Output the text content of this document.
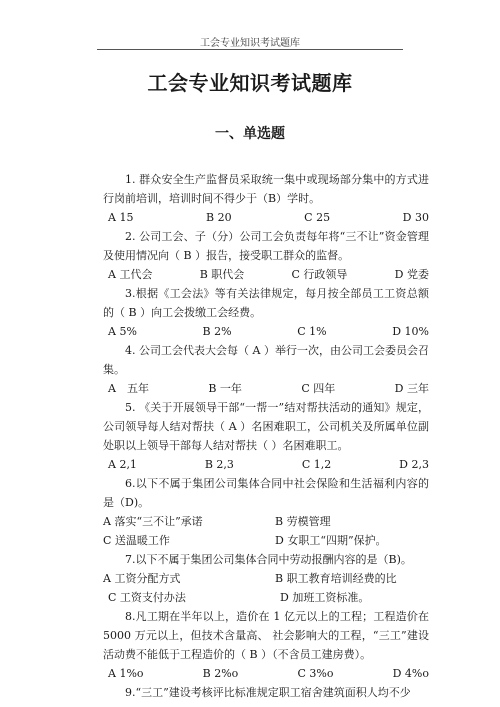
工会专业知识考试题库
工会专业知识考试题库
一、单选题
1. 群众安全生产监督员采取统一集中或现场部分集中的方式进行岗前培训，培训时间不得少于（B）学时。
A 15	B 20	C 25	D 30
2. 公司工会、子（分）公司工会负责每年将“三不让”资金管理及使用情况向（ B ）报告，接受职工群众的监督。
A 工代会	B 职代会	C 行政领导	D 党委
3.根据《工会法》等有关法律规定，每月按全部员工工资总额的（ B ）向工会拨缴工会经费。
A 5%	B 2%	C 1%	D 10%
4. 公司工会代表大会每（ A ）举行一次，由公司工会委员会召集。
A　五年	B 一年	C 四年	D 三年
5. 《关于开展领导干部“一帮一”结对帮扶活动的通知》规定，公司领导每人结对帮扶（ A ）名困难职工，公司机关及所属单位副处职以上领导干部每人结对帮扶（ ）名困难职工。
A 2,1	B 2,3	C 1,2	D 2,3
6.以下不属于集团公司集体合同中社会保险和生活福利内容的是（D)。
A 落实“三不让”承诺	B 劳模管理
C 送温暖工作	D 女职工“四期”保护。
7.以下不属于集团公司集体合同中劳动报酬内容的是（B)。
A 工资分配方式	B 职工教育培训经费的比
C 工资支付办法	D 加班工资标准。
8.凡工期在半年以上，造价在 1 亿元以上的工程；工程造价在 5000 万元以上，但技术含量高、 社会影响大的工程，“三工”建设活动费不能低于工程造价的（ B ）（不含员工建房费）。
A 1%o	B 2%o	C 3%o	D 4%o
9.“三工”建设考核评比标准规定职工宿舍建筑面积人均不少
